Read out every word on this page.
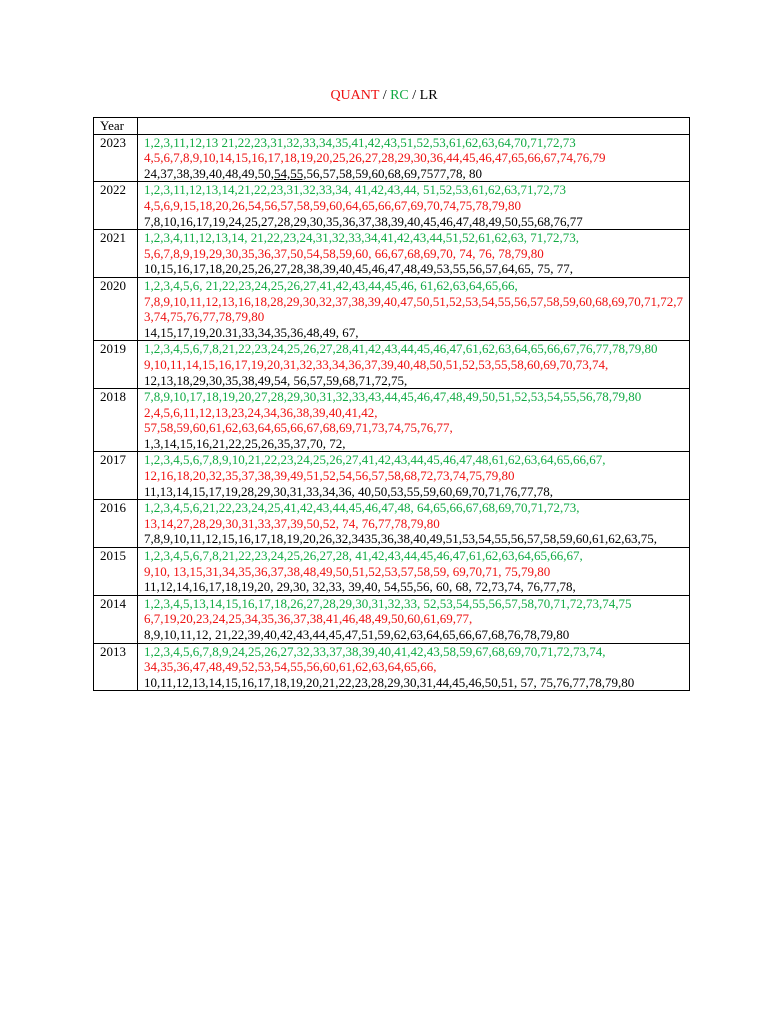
QUANT / RC / LR
Year	
2023	1,2,3,11,12,13 21,22,23,31,32,33,34,35,41,42,43,51,52,53,61,62,63,64,70,71,72,73
4,5,6,7,8,9,10,14,15,16,17,18,19,20,25,26,27,28,29,30,36,44,45,46,47,65,66,67,74,76,79
24,37,38,39,40,48,49,50,54,55,56,57,58,59,60,68,69,7577,78, 80

2022	1,2,3,11,12,13,14,21,22,23,31,32,33,34, 41,42,43,44, 51,52,53,61,62,63,71,72,73
4,5,6,9,15,18,20,26,54,56,57,58,59,60,64,65,66,67,69,70,74,75,78,79,80
7,8,10,16,17,19,24,25,27,28,29,30,35,36,37,38,39,40,45,46,47,48,49,50,55,68,76,77

2021	1,2,3,4,11,12,13,14, 21,22,23,24,31,32,33,34,41,42,43,44,51,52,61,62,63, 71,72,73,
5,6,7,8,9,19,29,30,35,36,37,50,54,58,59,60, 66,67,68,69,70, 74, 76, 78,79,80
10,15,16,17,18,20,25,26,27,28,38,39,40,45,46,47,48,49,53,55,56,57,64,65, 75, 77,

2020	1,2,3,4,5,6, 21,22,23,24,25,26,27,41,42,43,44,45,46, 61,62,63,64,65,66,
7,8,9,10,11,12,13,16,18,28,29,30,32,37,38,39,40,47,50,51,52,53,54,55,56,57,58,59,60,68,69,70,71,72,73,74,75,76,77,78,79,80
14,15,17,19,20.31,33,34,35,36,48,49, 67,

2019	1,2,3,4,5,6,7,8,21,22,23,24,25,26,27,28,41,42,43,44,45,46,47,61,62,63,64,65,66,67,76,77,78,79,80
9,10,11,14,15,16,17,19,20,31,32,33,34,36,37,39,40,48,50,51,52,53,55,58,60,69,70,73,74,
12,13,18,29,30,35,38,49,54, 56,57,59,68,71,72,75,

2018	7,8,9,10,17,18,19,20,27,28,29,30,31,32,33,43,44,45,46,47,48,49,50,51,52,53,54,55,56,78,79,80
2,4,5,6,11,12,13,23,24,34,36,38,39,40,41,42,57,58,59,60,61,62,63,64,65,66,67,68,69,71,73,74,75,76,77,
1,3,14,15,16,21,22,25,26,35,37,70, 72,

2017	1,2,3,4,5,6,7,8,9,10,21,22,23,24,25,26,27,41,42,43,44,45,46,47,48,61,62,63,64,65,66,67,
12,16,18,20,32,35,37,38,39,49,51,52,54,56,57,58,68,72,73,74,75,79,80
11,13,14,15,17,19,28,29,30,31,33,34,36, 40,50,53,55,59,60,69,70,71,76,77,78,

2016	1,2,3,4,5,6,21,22,23,24,25,41,42,43,44,45,46,47,48, 64,65,66,67,68,69,70,71,72,73,
13,14,27,28,29,30,31,33,37,39,50,52, 74, 76,77,78,79,80
7,8,9,10,11,12,15,16,17,18,19,20,26,32,3435,36,38,40,49,51,53,54,55,56,57,58,59,60,61,62,63,75,

2015	1,2,3,4,5,6,7,8,21,22,23,24,25,26,27,28, 41,42,43,44,45,46,47,61,62,63,64,65,66,67,
9,10, 13,15,31,34,35,36,37,38,48,49,50,51,52,53,57,58,59, 69,70,71, 75,79,80
11,12,14,16,17,18,19,20, 29,30, 32,33, 39,40, 54,55,56, 60, 68, 72,73,74, 76,77,78,

2014	1,2,3,4,5,13,14,15,16,17,18,26,27,28,29,30,31,32,33, 52,53,54,55,56,57,58,70,71,72,73,74,75
6,7,19,20,23,24,25,34,35,36,37,38,41,46,48,49,50,60,61,69,77,
8,9,10,11,12, 21,22,39,40,42,43,44,45,47,51,59,62,63,64,65,66,67,68,76,78,79,80

2013	1,2,3,4,5,6,7,8,9,24,25,26,27,32,33,37,38,39,40,41,42,43,58,59,67,68,69,70,71,72,73,74,
34,35,36,47,48,49,52,53,54,55,56,60,61,62,63,64,65,66,
10,11,12,13,14,15,16,17,18,19,20,21,22,23,28,29,30,31,44,45,46,50,51, 57, 75,76,77,78,79,80
